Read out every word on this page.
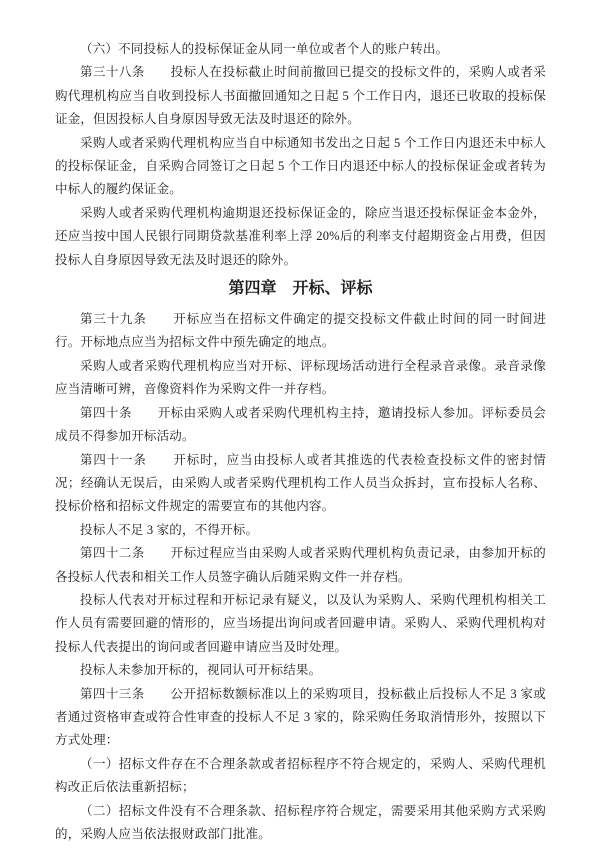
（六）不同投标人的投标保证金从同一单位或者个人的账户转出。

第三十八条　　投标人在投标截止时间前撤回已提交的投标文件的，采购人或者采购代理机构应当自收到投标人书面撤回通知之日起 5 个工作日内，退还已收取的投标保证金，但因投标人自身原因导致无法及时退还的除外。

采购人或者采购代理机构应当自中标通知书发出之日起 5 个工作日内退还未中标人的投标保证金，自采购合同签订之日起 5 个工作日内退还中标人的投标保证金或者转为中标人的履约保证金。

采购人或者采购代理机构逾期退还投标保证金的，除应当退还投标保证金本金外，还应当按中国人民银行同期贷款基准利率上浮 20%后的利率支付超期资金占用费，但因投标人自身原因导致无法及时退还的除外。

第四章　开标、评标

第三十九条　　开标应当在招标文件确定的提交投标文件截止时间的同一时间进行。开标地点应当为招标文件中预先确定的地点。

采购人或者采购代理机构应当对开标、评标现场活动进行全程录音录像。录音录像应当清晰可辨，音像资料作为采购文件一并存档。

第四十条　　开标由采购人或者采购代理机构主持，邀请投标人参加。评标委员会成员不得参加开标活动。

第四十一条　　开标时，应当由投标人或者其推选的代表检查投标文件的密封情况；经确认无误后，由采购人或者采购代理机构工作人员当众拆封，宣布投标人名称、投标价格和招标文件规定的需要宣布的其他内容。

投标人不足 3 家的，不得开标。

第四十二条　　开标过程应当由采购人或者采购代理机构负责记录，由参加开标的各投标人代表和相关工作人员签字确认后随采购文件一并存档。

投标人代表对开标过程和开标记录有疑义，以及认为采购人、采购代理机构相关工作人员有需要回避的情形的，应当场提出询问或者回避申请。采购人、采购代理机构对投标人代表提出的询问或者回避申请应当及时处理。

投标人未参加开标的，视同认可开标结果。

第四十三条　　公开招标数额标准以上的采购项目，投标截止后投标人不足 3 家或者通过资格审查或符合性审查的投标人不足 3 家的，除采购任务取消情形外，按照以下方式处理：

（一）招标文件存在不合理条款或者招标程序不符合规定的，采购人、采购代理机构改正后依法重新招标；

（二）招标文件没有不合理条款、招标程序符合规定，需要采用其他采购方式采购的，采购人应当依法报财政部门批准。
